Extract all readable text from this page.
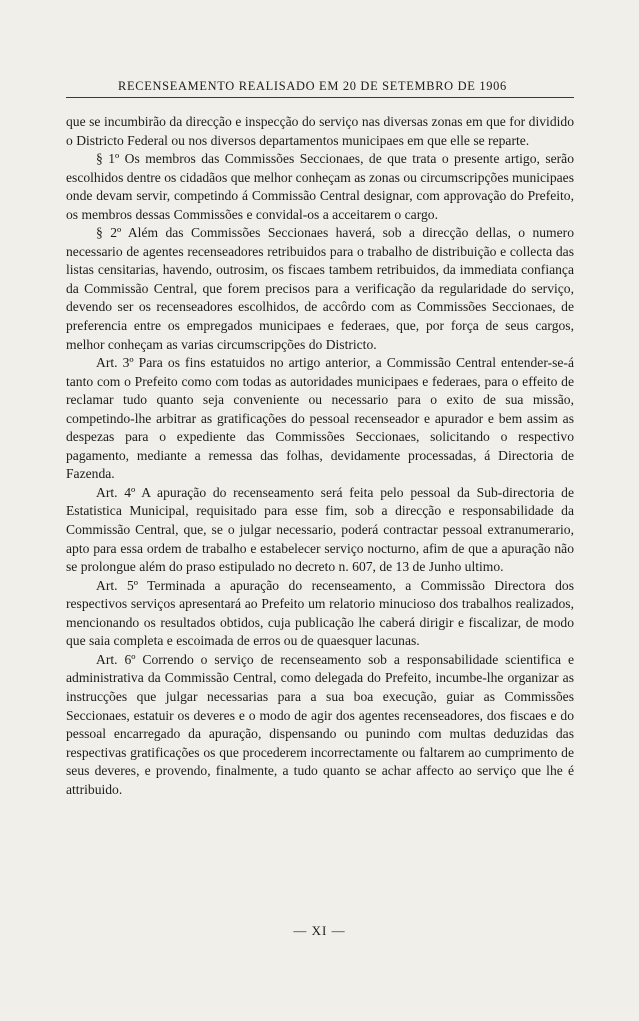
RECENSEAMENTO REALISADO EM 20 DE SETEMBRO DE 1906

que se incumbirão da direcção e inspecção do serviço nas diversas zonas em que for dividido o Districto Federal ou nos diversos departamentos municipaes em que elle se reparte.

§ 1º Os membros das Commissões Seccionaes, de que trata o presente artigo, serão escolhidos dentre os cidadãos que melhor conheçam as zonas ou circumscripções municipaes onde devam servir, competindo á Commissão Central designar, com approvação do Prefeito, os membros dessas Commissões e convidal-os a acceitarem o cargo.

§ 2º Além das Commissões Seccionaes haverá, sob a direcção dellas, o numero necessario de agentes recenseadores retribuidos para o trabalho de distribuição e collecta das listas censitarias, havendo, outrosim, os fiscaes tambem retribuidos, da immediata confiança da Commissão Central, que forem precisos para a verificação da regularidade do serviço, devendo ser os recenseadores escolhidos, de accôrdo com as Commissões Seccionaes, de preferencia entre os empregados municipaes e federaes, que, por força de seus cargos, melhor conheçam as varias circumscripções do Districto.

Art. 3º Para os fins estatuidos no artigo anterior, a Commissão Central entender-se-á tanto com o Prefeito como com todas as autoridades municipaes e federaes, para o effeito de reclamar tudo quanto seja conveniente ou necessario para o exito de sua missão, competindo-lhe arbitrar as gratificações do pessoal recenseador e apurador e bem assim as despezas para o expediente das Commissões Seccionaes, solicitando o respectivo pagamento, mediante a remessa das folhas, devidamente processadas, á Directoria de Fazenda.

Art. 4º A apuração do recenseamento será feita pelo pessoal da Sub-directoria de Estatistica Municipal, requisitado para esse fim, sob a direcção e responsabilidade da Commissão Central, que, se o julgar necessario, poderá contractar pessoal extranumerario, apto para essa ordem de trabalho e estabelecer serviço nocturno, afim de que a apuração não se prolongue além do praso estipulado no decreto n. 607, de 13 de Junho ultimo.

Art. 5º Terminada a apuração do recenseamento, a Commissão Directora dos respectivos serviços apresentará ao Prefeito um relatorio minucioso dos trabalhos realizados, mencionando os resultados obtidos, cuja publicação lhe caberá dirigir e fiscalizar, de modo que saia completa e escoimada de erros ou de quaesquer lacunas.

Art. 6º Correndo o serviço de recenseamento sob a responsabilidade scientifica e administrativa da Commissão Central, como delegada do Prefeito, incumbe-lhe organizar as instrucções que julgar necessarias para a sua boa execução, guiar as Commissões Seccionaes, estatuir os deveres e o modo de agir dos agentes recenseadores, dos fiscaes e do pessoal encarregado da apuração, dispensando ou punindo com multas deduzidas das respectivas gratificações os que procederem incorrectamente ou faltarem ao cumprimento de seus deveres, e provendo, finalmente, a tudo quanto se achar affecto ao serviço que lhe é attribuido.

— XI —
